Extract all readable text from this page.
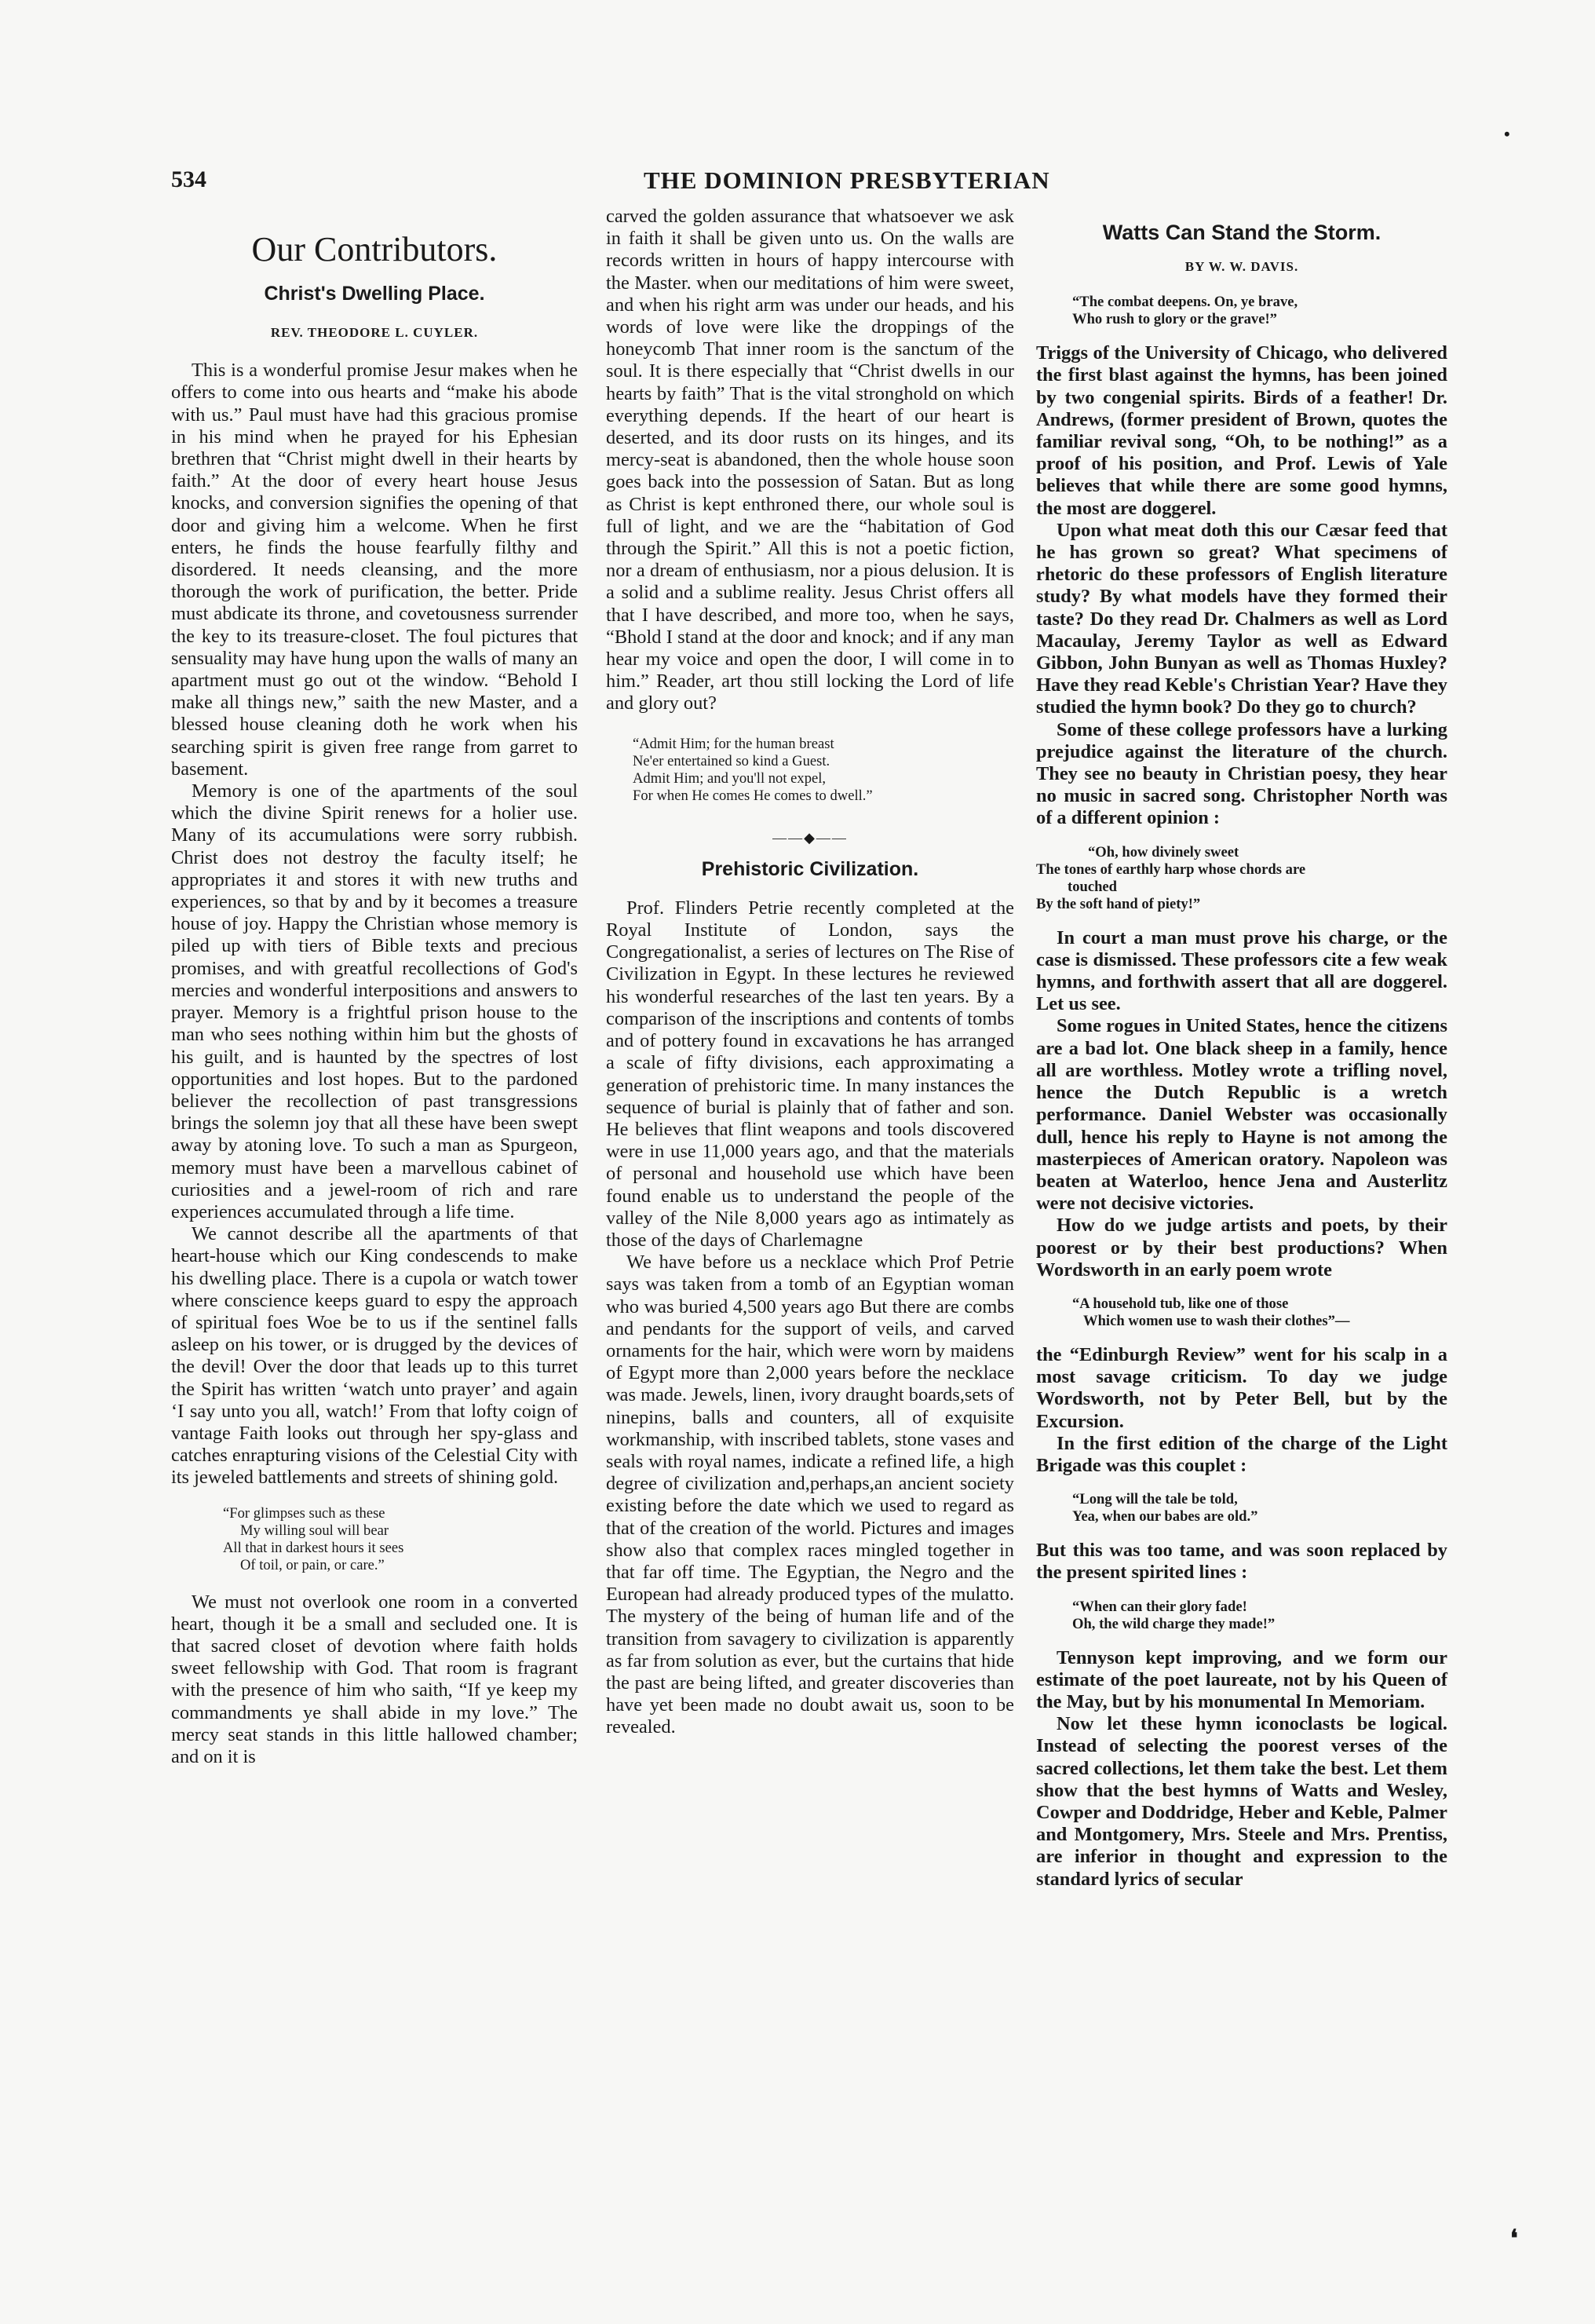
534	THE DOMINION PRESBYTERIAN
•
Our Contributors.
Christ's Dwelling Place.
REV. THEODORE L. CUYLER.

This is a wonderful promise Jesur makes when he offers to come into ous hearts and “make his abode with us.” Paul must have had this gracious promise in his mind when he prayed for his Ephesian brethren that “Christ might dwell in their hearts by faith.” At the door of every heart house Jesus knocks, and conversion signifies the opening of that door and giving him a welcome. When he first enters, he finds the house fearfully filthy and disordered. It needs cleansing, and the more thorough the work of purification, the better. Pride must abdicate its throne, and covetousness surrender the key to its treasure-closet. The foul pictures that sensuality may have hung upon the walls of many an apartment must go out ot the window. “Behold I make all things new,” saith the new Master, and a blessed house cleaning doth he work when his searching spirit is given free range from garret to basement.

Memory is one of the apartments of the soul which the divine Spirit renews for a holier use. Many of its accumulations were sorry rubbish. Christ does not destroy the faculty itself; he appropriates it and stores it with new truths and experiences, so that by and by it becomes a treasure house of joy. Happy the Christian whose memory is piled up with tiers of Bible texts and precious promises, and with greatful recollections of God's mercies and wonderful interpositions and answers to prayer. Memory is a frightful prison house to the man who sees nothing within him but the ghosts of his guilt, and is haunted by the spectres of lost opportunities and lost hopes. But to the pardoned believer the recollection of past transgressions brings the solemn joy that all these have been swept away by atoning love. To such a man as Spurgeon, memory must have been a marvellous cabinet of curiosities and a jewel-room of rich and rare experiences accumulated through a life time.

We cannot describe all the apartments of that heart-house which our King condescends to make his dwelling place. There is a cupola or watch tower where conscience keeps guard to espy the approach of spiritual foes Woe be to us if the sentinel falls asleep on his tower, or is drugged by the devices of the devil! Over the door that leads up to this turret the Spirit has written ‘watch unto prayer’ and again ‘I say unto you all, watch!’ From that lofty coign of vantage Faith looks out through her spy-glass and catches enrapturing visions of the Celestial City with its jeweled battlements and streets of shining gold.

“For glimpses such as these
My willing soul will bear
All that in darkest hours it sees
Of toil, or pain, or care.”

We must not overlook one room in a converted heart, though it be a small and secluded one. It is that sacred closet of devotion where faith holds sweet fellowship with God. That room is fragrant with the presence of him who saith, “If ye keep my commandments ye shall abide in my love.” The mercy seat stands in this little hallowed chamber; and on it is

carved the golden assurance that whatsoever we ask in faith it shall be given unto us. On the walls are records written in hours of happy intercourse with the Master. when our meditations of him were sweet, and when his right arm was under our heads, and his words of love were like the droppings of the honeycomb That inner room is the sanctum of the soul. It is there especially that “Christ dwells in our hearts by faith” That is the vital stronghold on which everything depends. If the heart of our heart is deserted, and its door rusts on its hinges, and its mercy-seat is abandoned, then the whole house soon goes back into the possession of Satan. But as long as Christ is kept enthroned there, our whole soul is full of light, and we are the “habitation of God through the Spirit.” All this is not a poetic fiction, nor a dream of enthusiasm, nor a pious delusion. It is a solid and a sublime reality. Jesus Christ offers all that I have described, and more too, when he says, “Bhold I stand at the door and knock; and if any man hear my voice and open the door, I will come in to him.” Reader, art thou still locking the Lord of life and glory out?

“Admit Him; for the human breast
Ne'er entertained so kind a Guest.
Admit Him; and you'll not expel,
For when He comes He comes to dwell.”
——◆——
Prehistoric Civilization.

Prof. Flinders Petrie recently completed at the Royal Institute of London, says the Congregationalist, a series of lectures on The Rise of Civilization in Egypt. In these lectures he reviewed his wonderful researches of the last ten years. By a comparison of the inscriptions and contents of tombs and of pottery found in excavations he has arranged a scale of fifty divisions, each approximating a generation of prehistoric time. In many instances the sequence of burial is plainly that of father and son. He believes that flint weapons and tools discovered were in use 11,000 years ago, and that the materials of personal and household use which have been found enable us to understand the people of the valley of the Nile 8,000 years ago as intimately as those of the days of Charlemagne

We have before us a necklace which Prof Petrie says was taken from a tomb of an Egyptian woman who was buried 4,500 years ago But there are combs and pendants for the support of veils, and carved ornaments for the hair, which were worn by maidens of Egypt more than 2,000 years before the necklace was made. Jewels, linen, ivory draught boards,sets of ninepins, balls and counters, all of exquisite workmanship, with inscribed tablets, stone vases and seals with royal names, indicate a refined life, a high degree of civilization and,perhaps,an ancient society existing before the date which we used to regard as that of the creation of the world. Pictures and images show also that complex races mingled together in that far off time. The Egyptian, the Negro and the European had already produced types of the mulatto. The mystery of the being of human life and of the transition from savagery to civilization is apparently as far from solution as ever, but the curtains that hide the past are being lifted, and greater discoveries than have yet been made no doubt await us, soon to be revealed.

Watts Can Stand the Storm.
BY W. W. DAVIS.
“The combat deepens. On, ye brave,
Who rush to glory or the grave!”

Triggs of the University of Chicago, who delivered the first blast against the hymns, has been joined by two congenial spirits. Birds of a feather! Dr. Andrews, (former president of Brown, quotes the familiar revival song, “Oh, to be nothing!” as a proof of his position, and Prof. Lewis of Yale believes that while there are some good hymns, the most are doggerel.

Upon what meat doth this our Cæsar feed that he has grown so great? What specimens of rhetoric do these professors of English literature study? By what models have they formed their taste? Do they read Dr. Chalmers as well as Lord Macaulay, Jeremy Taylor as well as Edward Gibbon, John Bunyan as well as Thomas Huxley? Have they read Keble's Christian Year? Have they studied the hymn book? Do they go to church?

Some of these college professors have a lurking prejudice against the literature of the church. They see no beauty in Christian poesy, they hear no music in sacred song. Christopher North was of a different opinion :

“Oh, how divinely sweet
The tones of earthly harp whose chords are
touched
By the soft hand of piety!”

In court a man must prove his charge, or the case is dismissed. These professors cite a few weak hymns, and forthwith assert that all are doggerel. Let us see.

Some rogues in United States, hence the citizens are a bad lot. One black sheep in a family, hence all are worthless. Motley wrote a trifling novel, hence the Dutch Republic is a wretch performance. Daniel Webster was occasionally dull, hence his reply to Hayne is not among the masterpieces of American oratory. Napoleon was beaten at Waterloo, hence Jena and Austerlitz were not decisive victories.

How do we judge artists and poets, by their poorest or by their best productions? When Wordsworth in an early poem wrote

“A household tub, like one of those
Which women use to wash their clothes”—

the “Edinburgh Review” went for his scalp in a most savage criticism. To day we judge Wordsworth, not by Peter Bell, but by the Excursion.

In the first edition of the charge of the Light Brigade was this couplet :

“Long will the tale be told,
Yea, when our babes are old.”

But this was too tame, and was soon replaced by the present spirited lines :

“When can their glory fade!
Oh, the wild charge they made!”

Tennyson kept improving, and we form our estimate of the poet laureate, not by his Queen of the May, but by his monumental In Memoriam.

Now let these hymn iconoclasts be logical. Instead of selecting the poorest verses of the sacred collections, let them take the best. Let them show that the best hymns of Watts and Wesley, Cowper and Doddridge, Heber and Keble, Palmer and Montgomery, Mrs. Steele and Mrs. Prentiss, are inferior in thought and expression to the standard lyrics of secular

❛
